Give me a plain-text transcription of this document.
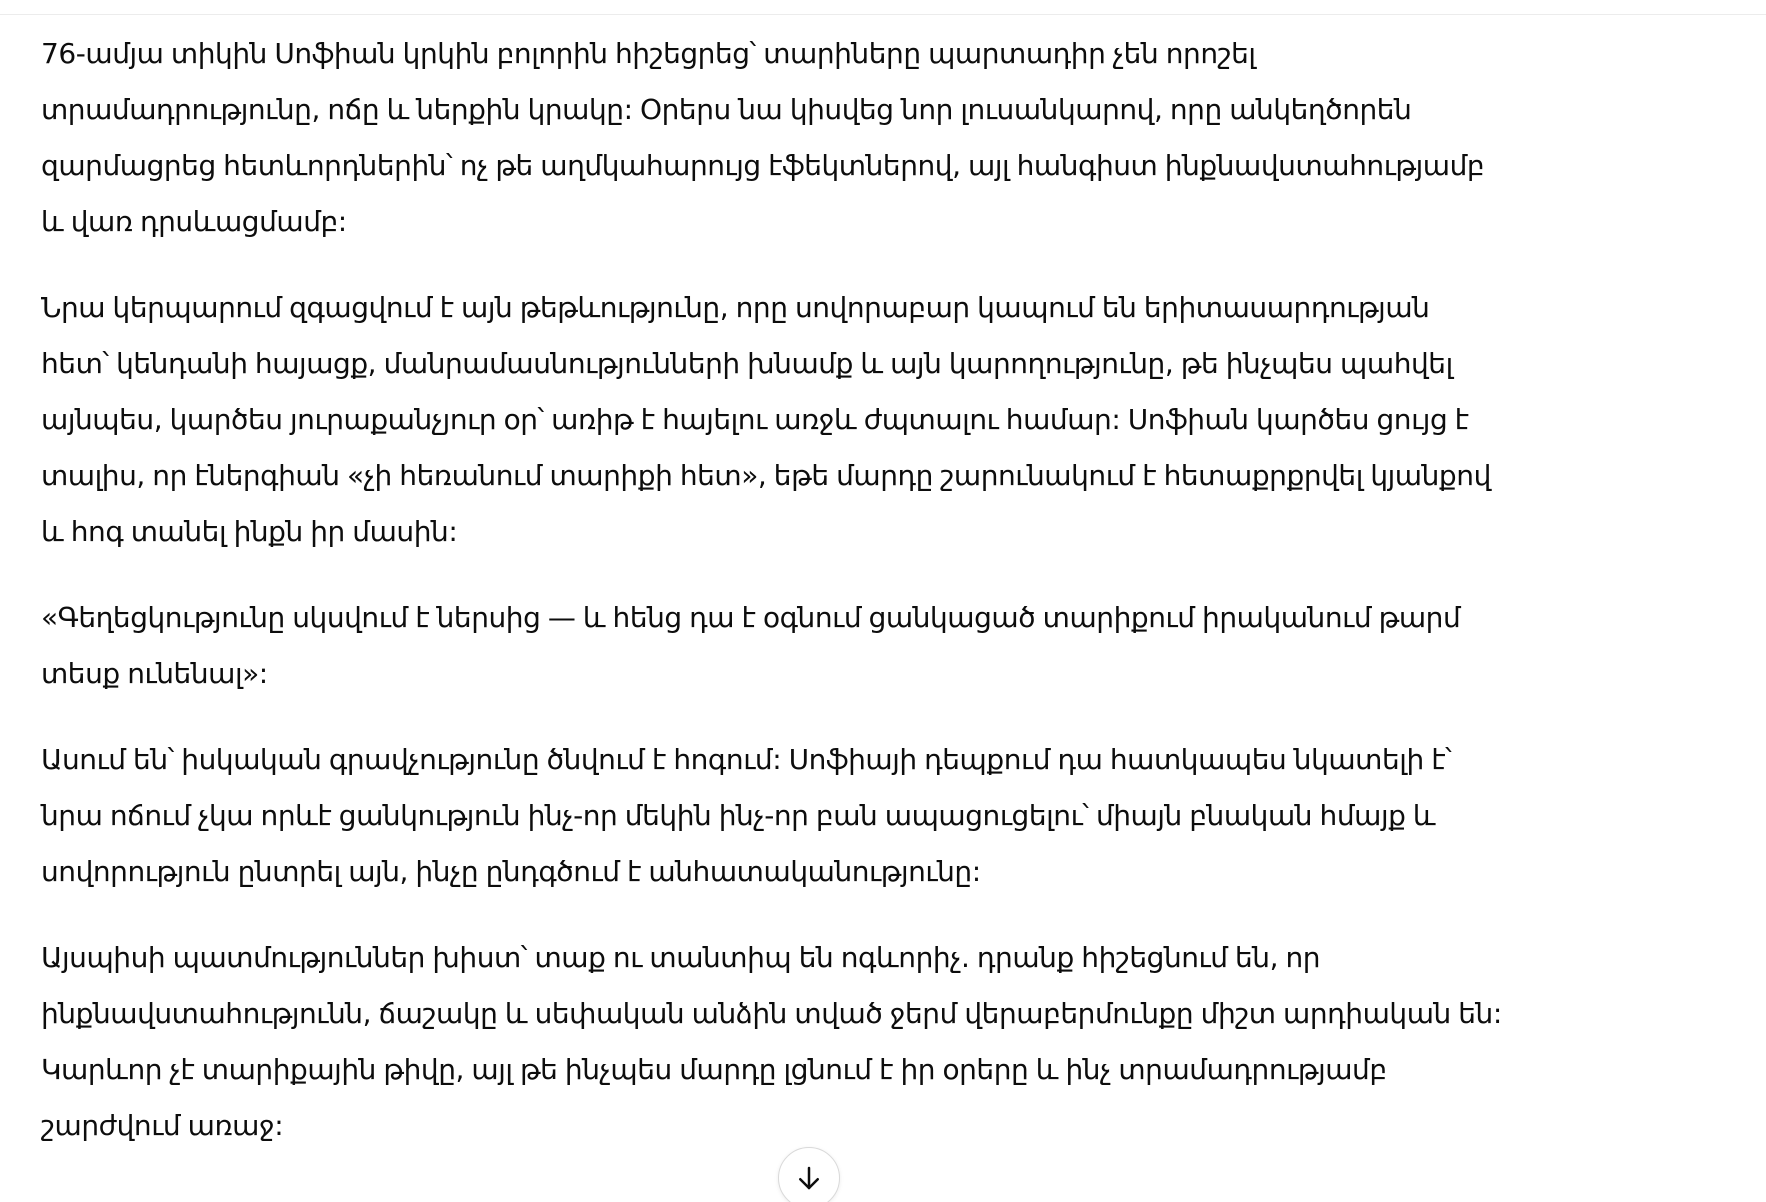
76-ամյա տիկին Սոֆիան կրկին բոլորին հիշեցրեց՝ տարիները պարտադիր չեն որոշել
տրամադրությունը, ոճը և ներքին կրակը: Օրերս նա կիսվեց նոր լուսանկարով, որը անկեղծորեն
զարմացրեց հետևորդներին՝ ոչ թե աղմկահարույց էֆեկտներով, այլ հանգիստ ինքնավստահությամբ
և վառ դրսևացմամբ:

Նրա կերպարում զգացվում է այն թեթևությունը, որը սովորաբար կապում են երիտասարդության
հետ՝ կենդանի հայացք, մանրամասնությունների խնամք և այն կարողությունը, թե ինչպես պահվել
այնպես, կարծես յուրաքանչյուր օր՝ առիթ է հայելու առջև ժպտալու համար: Սոֆիան կարծես ցույց է
տալիս, որ էներգիան «չի հեռանում տարիքի հետ», եթե մարդը շարունակում է հետաքրքրվել կյանքով
և հոգ տանել ինքն իր մասին:

«Գեղեցկությունը սկսվում է ներսից — և հենց դա է օգնում ցանկացած տարիքում իրականում թարմ
տեսք ունենալ»:

Ասում են՝ իսկական գրավչությունը ծնվում է հոգում: Սոֆիայի դեպքում դա հատկապես նկատելի է՝
նրա ոճում չկա որևէ ցանկություն ինչ-որ մեկին ինչ-որ բան ապացուցելու՝ միայն բնական հմայք և
սովորություն ընտրել այն, ինչը ընդգծում է անհատականությունը:

Այսպիսի պատմություններ խիստ՝ տաք ու տանտիպ են ոգևորիչ. դրանք հիշեցնում են, որ
ինքնավստահությունն, ճաշակը և սեփական անձին տված ջերմ վերաբերմունքը միշտ արդիական են:
Կարևոր չէ տարիքային թիվը, այլ թե ինչպես մարդը լցնում է իր օրերը և ինչ տրամադրությամբ
շարժվում առաջ:
